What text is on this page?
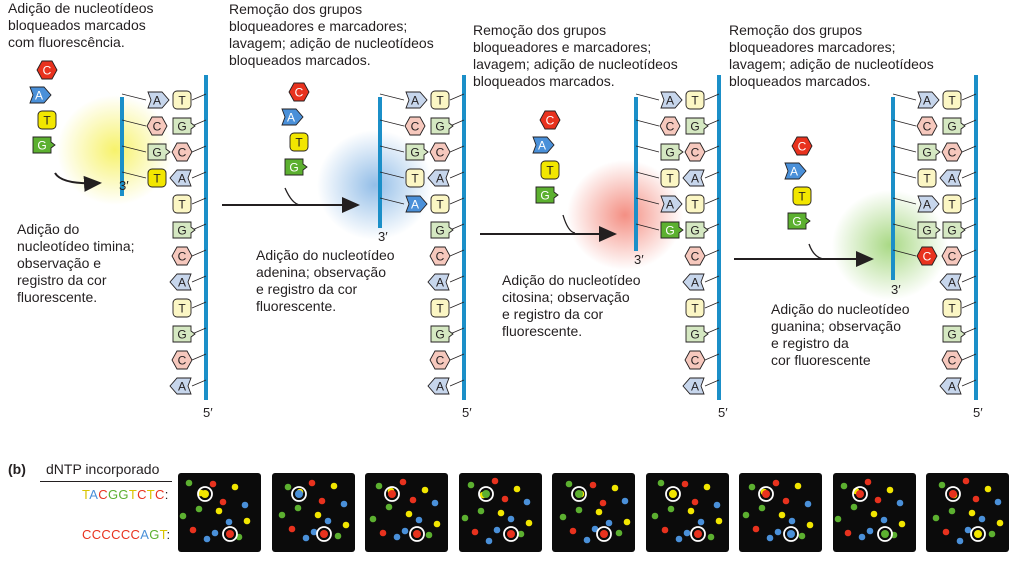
T
G
C
A
T
G
C
A
T
G
C
A
A
C
G
T
T
G
C
A
T
G
C
A
T
G
C
A
A
C
G
T
A
T
G
C
A
T
G
C
A
T
G
C
A
A
C
G
T
A
G
T
G
C
A
T
G
C
A
T
G
C
A
A
C
G
T
A
G
C
C
A
T
G
C
A
T
G
C
A
T
G
C
A
T
G
Adição de nucleotídeos
bloqueados marcados
com fluorescência.
Remoção dos grupos
bloqueadores e marcadores;
lavagem; adição de nucleotídeos
bloqueados marcados.
Remoção dos grupos
bloqueadores e marcadores;
lavagem; adição de nucleotídeos
bloqueados marcados.
Remoção dos grupos
bloqueadores marcadores;
lavagem; adição de nucleotídeos
bloqueados marcados.
Adição do
nucleotídeo timina;
observação e
registro da cor
fluorescente.
Adição do nucleotídeo
adenina; observação
e registro da cor
fluorescente.
Adição do nucleotídeo
citosina; observação
e registro da cor
fluorescente.
Adição do nucleotídeo
guanina; observação
e registro da
cor fluorescente
3′
3′
3′
3′
5′	5′	5′	5′
(b) dNTP incorporado
TACGGTCTC:
CCCCCCAGT:
